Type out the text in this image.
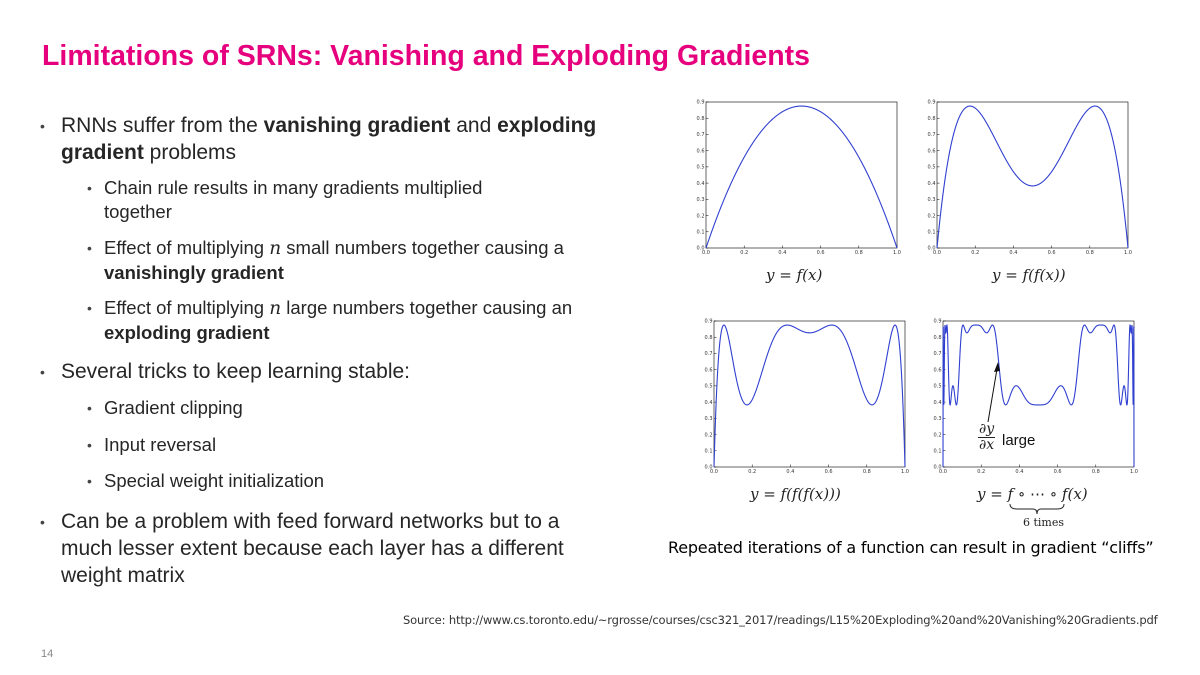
Limitations of SRNs: Vanishing and Exploding Gradients
• RNNs suffer from the vanishing gradient and exploding gradient problems
• Chain rule results in many gradients multiplied together
• Effect of multiplying n small numbers together causing a vanishingly gradient
• Effect of multiplying n large numbers together causing an exploding gradient
• Several tricks to keep learning stable:
• Gradient clipping
• Input reversal
• Special weight initialization
• Can be a problem with feed forward networks but to a much lesser extent because each layer has a different weight matrix
0.0	0.2	0.4	0.6	0.8	1.0
0.0
0.1
0.2
0.3
0.4
0.5
0.6
0.7
0.8
0.9
y = f(x)
0.0	0.2	0.4	0.6	0.8	1.0
0.0
0.1
0.2
0.3
0.4
0.5
0.6
0.7
0.8
0.9
y = f(f(x))
0.0	0.2	0.4	0.6	0.8	1.0
0.0
0.1
0.2
0.3
0.4
0.5
0.6
0.7
0.8
0.9
y = f(f(f(x)))
0.0	0.2	0.4	0.6	0.8	1.0
0.0
0.1
0.2
0.3
0.4
0.5
0.6
0.7
0.8
0.9
y = f ∘ ⋯ ∘ f(x)
6 times
∂y
∂x large
Repeated iterations of a function can result in gradient “cliffs”
Source: http://www.cs.toronto.edu/~rgrosse/courses/csc321_2017/readings/L15%20Exploding%20and%20Vanishing%20Gradients.pdf
14
